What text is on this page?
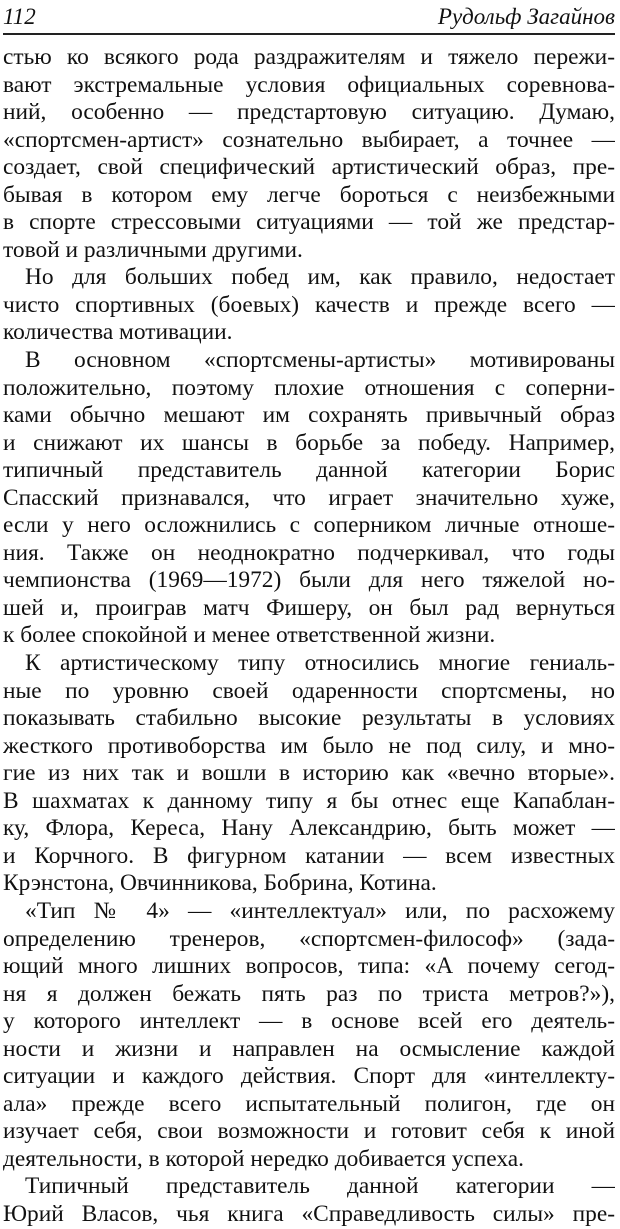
112	Рудольф Загайнов
стью ко всякого рода раздражителям и тяжело пережи-
вают экстремальные условия официальных соревнова-
ний, особенно — предстартовую ситуацию. Думаю,
«спортсмен-артист» сознательно выбирает, а точнее —
создает, свой специфический артистический образ, пре-
бывая в котором ему легче бороться с неизбежными
в спорте стрессовыми ситуациями — той же предстар-
товой и различными другими.
Но для больших побед им, как правило, недостает
чисто спортивных (боевых) качеств и прежде всего —
количества мотивации.
В основном «спортсмены-артисты» мотивированы
положительно, поэтому плохие отношения с соперни-
ками обычно мешают им сохранять привычный образ
и снижают их шансы в борьбе за победу. Например,
типичный представитель данной категории Борис
Спасский признавался, что играет значительно хуже,
если у него осложнились с соперником личные отноше-
ния. Также он неоднократно подчеркивал, что годы
чемпионства (1969—1972) были для него тяжелой но-
шей и, проиграв матч Фишеру, он был рад вернуться
к более спокойной и менее ответственной жизни.
К артистическому типу относились многие гениаль-
ные по уровню своей одаренности спортсмены, но
показывать стабильно высокие результаты в условиях
жесткого противоборства им было не под силу, и мно-
гие из них так и вошли в историю как «вечно вторые».
В шахматах к данному типу я бы отнес еще Капаблан-
ку, Флора, Кереса, Нану Александрию, быть может —
и Корчного. В фигурном катании — всем известных
Крэнстона, Овчинникова, Бобрина, Котина.
«Тип № 4» — «интеллектуал» или, по расхожему
определению тренеров, «спортсмен-философ» (зада-
ющий много лишних вопросов, типа: «А почему сегод-
ня я должен бежать пять раз по триста метров?»),
у которого интеллект — в основе всей его деятель-
ности и жизни и направлен на осмысление каждой
ситуации и каждого действия. Спорт для «интеллекту-
ала» прежде всего испытательный полигон, где он
изучает себя, свои возможности и готовит себя к иной
деятельности, в которой нередко добивается успеха.
Типичный представитель данной категории —
Юрий Власов, чья книга «Справедливость силы» пре-
